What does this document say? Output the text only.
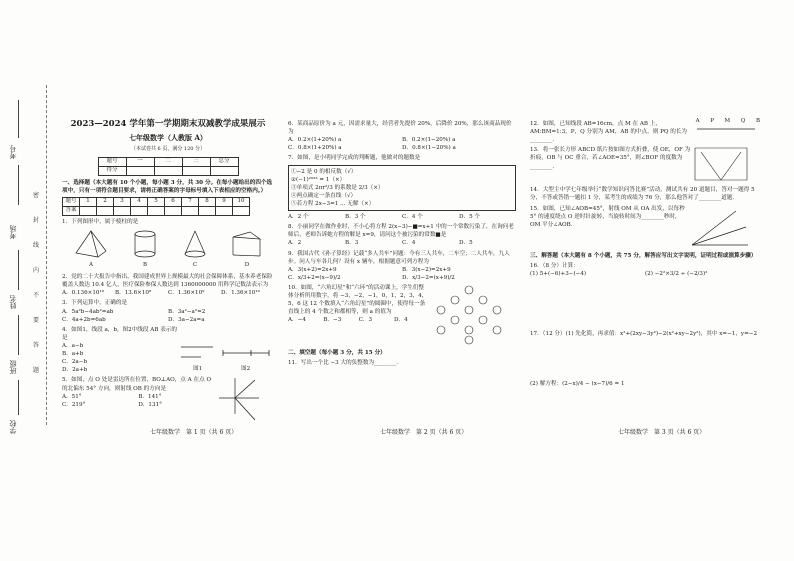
考号
考场
姓名
班级
学校
密
封
线
内
不
要
答
题
2023—2024 学年第一学期期末双减教学成果展示
七年级数学（人教版 A）
（本试卷共 6 页，满分 120 分）
题号	一	二	三	总分
得分				
一、选择题（本大题有 10 个小题，每小题 3 分，共 30 分。在每小题给出的四个选项中，只有一项符合题目要求，请将正确答案的字母标号填入下表相应的空格内。）
题号	1	2	3	4	5	6	7	8	9	10
答案										
1．下列图形中，属于棱柱的是
A	B	C	D
2．党的二十大报告中指出，我国建成世界上规模最大的社会保障体系，基本养老保险覆盖人数达 10.4 亿人，医疗保险参保人数达到 1360000000 用科学记数法表示为
A．0.136×10¹⁰	B．13.6×10⁸	C．1.36×10⁹	D．1.36×10¹⁰
3．下列运算中，正确的是
A．5a²b−4ab²=ab	B．3a²−a²=2
C．4a+2b=6ab	D．3a−2a=a
4．如图1，线段 a，b，图2中线段 AB 表示的是
A．a−b
B．a+b
C．2a−b
D．2a+b	图1	图2
5．如图，点 O 处是雷达所在位置，BO⊥AO，点 A 在点 O 的北偏东 54° 方向，则射线 OB 的方向是
A．51°	B．141°
C．219°	D．131°
七年级数学　第 1 页（共 6 页）
6．某商品原价为 a 元，因需求量大，经营者先提价 20%，后降价 20%，那么该商品现价为
A．0.2×(1+20%) a	B．0.2×(1−20%) a
C．0.8×(1+20%) a	D．0.8×(1−20%) a
7．如图，是小明同学完成的判断题，他做对的题数是
①−2 是 0 的相反数（√）
②(−1)²⁰²³ = 1（×）
③单项式 2πr²/3 的系数是 2/3（×）
④两点确定一条直线（√）
⑤若方程 2x−3=1 ... 无解（×）
A．2 个	B．3 个	C．4 个	D．5 个
8．小丽同学在做作业时，不小心将方程 2(x−3)−■=x+1 中的一个常数污染了，在询问老师后，老师告诉她方程的解是 x=9，请问这个被污染的常数■是
A．2	B．3	C．4	D．5
9．我国古代《孙子算经》记载“多人共车”问题：今有三人共车，二车空；二人共车，九人步。问人与车各几何？设有 x 辆车，根据题意可列方程为
A．3(x+2)=2x+9	B．3(x−2)=2x+9
C．x/3+2=(x−9)/2	D．x/3−2=(x+9)/2
10．如图，“六角幻星”和“六环”的活动课上，学生们整体分析所用数字，将 −3，−2，−1，0，1，2，3，4，5，6 这 12 个数填入“六角幻星”的圆圈中，使得每一条直线上的 4 个数之和都相等，则 a 的值为
A．−4	B．−3	C．3	D．4
二、填空题（每小题 3 分，共 15 分）
11．写出一个比 −3 大的负整数为________．
七年级数学　第 2 页（共 6 页）
12．如图，已知线段 AB=16cm，点 M 在 AB 上，AM:BM=1:3，P，Q 分别为 AM，AB 的中点，则 PQ 的长为________．
A P M Q B
13．将一张长方形 ABCD 纸片按如图方式折叠，使 OE，OF 为折痕，OB 与 OC 重合，若∠AOE=35°，则∠BOF 的度数为________．
14．大型主中学七年级举行“数学知识问答比赛”活动，测试共有 20 道题目，答对一题得 5 分，不答或答错一题扣 1 分，某考生的成绩为 76 分，那么他答对了________道题．
15．如图，已知∠AOB=45°，射线 OM 从 OA 出发，以每秒 5° 的速度绕点 O 逆时针旋转，当旋转时间为________秒时，OM 平分∠AOB．
三、解答题（本大题有 8 个小题，共 75 分，解答应写出文字说明，证明过程或演算步骤）
16．（8 分）计算：
(1) 5+(−6)+3−(−4)	(2) −2²×3/2 ÷ (−2/3)²
17．（12 分）(1) 先化简，再求值：x²+(2xy−3y²)−2(x²+xy−2y²)，其中 x=−1，y=−2
(2) 解方程：(2−x)/4 − (x−7)/6 = 1
七年级数学　第 3 页（共 6 页）
